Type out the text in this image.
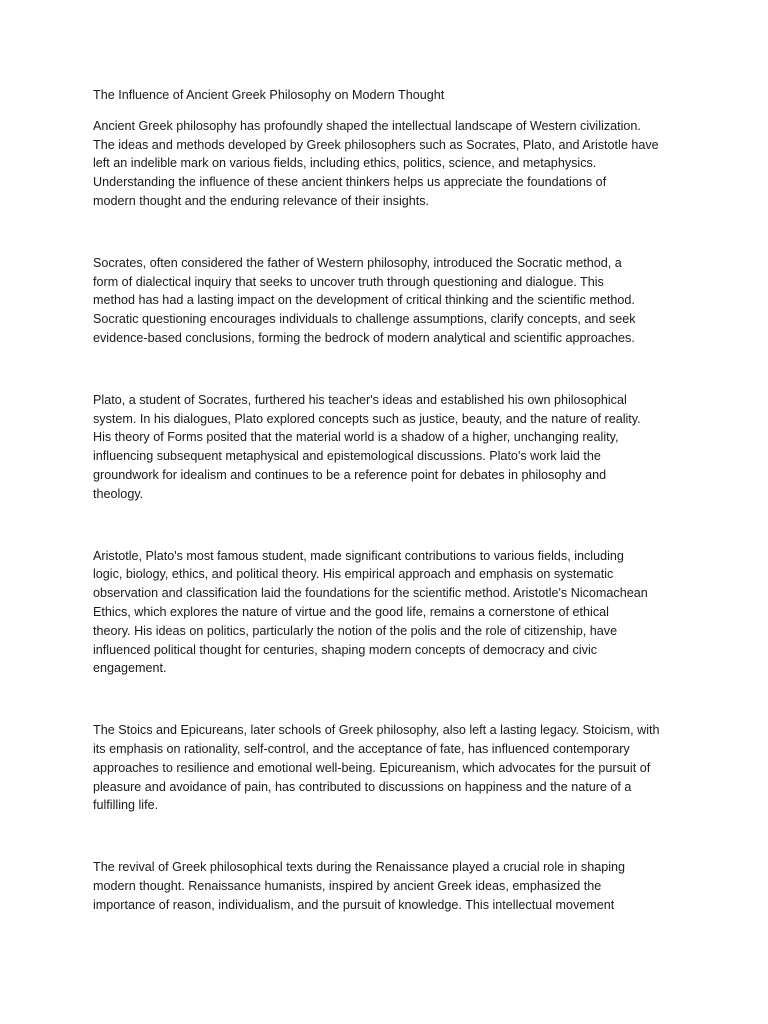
The Influence of Ancient Greek Philosophy on Modern Thought

Ancient Greek philosophy has profoundly shaped the intellectual landscape of Western civilization.
The ideas and methods developed by Greek philosophers such as Socrates, Plato, and Aristotle have
left an indelible mark on various fields, including ethics, politics, science, and metaphysics.
Understanding the influence of these ancient thinkers helps us appreciate the foundations of
modern thought and the enduring relevance of their insights.

Socrates, often considered the father of Western philosophy, introduced the Socratic method, a
form of dialectical inquiry that seeks to uncover truth through questioning and dialogue. This
method has had a lasting impact on the development of critical thinking and the scientific method.
Socratic questioning encourages individuals to challenge assumptions, clarify concepts, and seek
evidence-based conclusions, forming the bedrock of modern analytical and scientific approaches.

Plato, a student of Socrates, furthered his teacher's ideas and established his own philosophical
system. In his dialogues, Plato explored concepts such as justice, beauty, and the nature of reality.
His theory of Forms posited that the material world is a shadow of a higher, unchanging reality,
influencing subsequent metaphysical and epistemological discussions. Plato's work laid the
groundwork for idealism and continues to be a reference point for debates in philosophy and
theology.

Aristotle, Plato's most famous student, made significant contributions to various fields, including
logic, biology, ethics, and political theory. His empirical approach and emphasis on systematic
observation and classification laid the foundations for the scientific method. Aristotle's Nicomachean
Ethics, which explores the nature of virtue and the good life, remains a cornerstone of ethical
theory. His ideas on politics, particularly the notion of the polis and the role of citizenship, have
influenced political thought for centuries, shaping modern concepts of democracy and civic
engagement.

The Stoics and Epicureans, later schools of Greek philosophy, also left a lasting legacy. Stoicism, with
its emphasis on rationality, self-control, and the acceptance of fate, has influenced contemporary
approaches to resilience and emotional well-being. Epicureanism, which advocates for the pursuit of
pleasure and avoidance of pain, has contributed to discussions on happiness and the nature of a
fulfilling life.

The revival of Greek philosophical texts during the Renaissance played a crucial role in shaping
modern thought. Renaissance humanists, inspired by ancient Greek ideas, emphasized the
importance of reason, individualism, and the pursuit of knowledge. This intellectual movement
